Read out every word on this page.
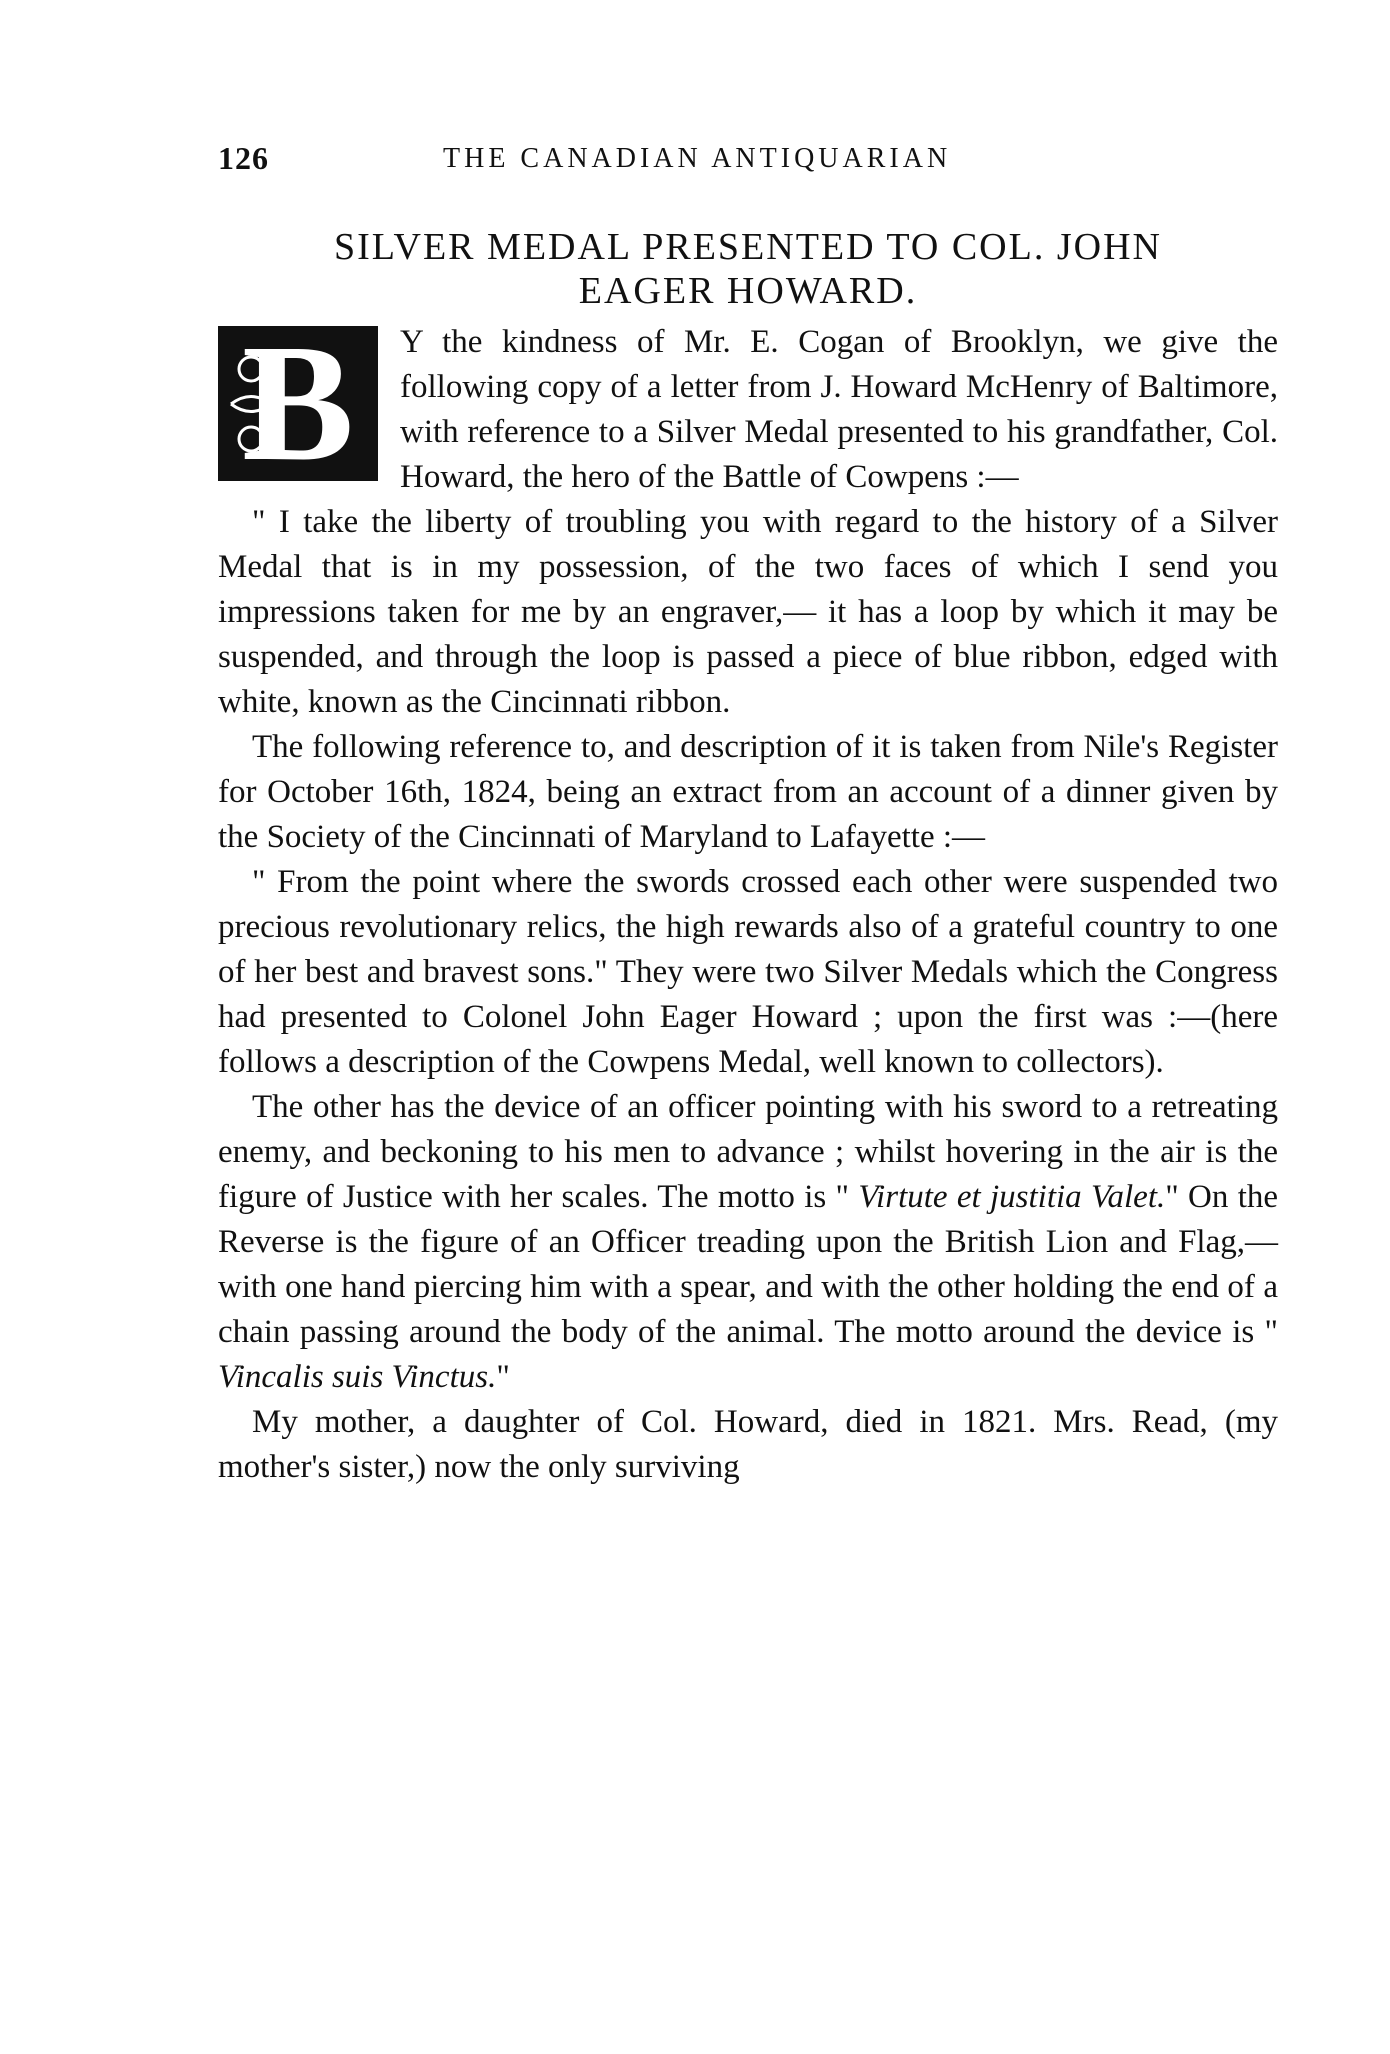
126	THE CANADIAN ANTIQUARIAN
SILVER MEDAL PRESENTED TO COL. JOHN
EAGER HOWARD.

B	Y the kindness of Mr. E. Cogan of Brooklyn, we give the following copy of a letter from J. Howard McHenry of Baltimore, with reference to a Silver Medal presented to his grandfather, Col. Howard, the hero of the Battle of Cowpens :—

" I take the liberty of troubling you with regard to the history of a Silver Medal that is in my possession, of the two faces of which I send you impressions taken for me by an engraver,— it has a loop by which it may be suspended, and through the loop is passed a piece of blue ribbon, edged with white, known as the Cincinnati ribbon.

The following reference to, and description of it is taken from Nile's Register for October 16th, 1824, being an extract from an account of a dinner given by the Society of the Cincinnati of Maryland to Lafayette :—

" From the point where the swords crossed each other were suspended two precious revolutionary relics, the high rewards also of a grateful country to one of her best and bravest sons." They were two Silver Medals which the Congress had presented to Colonel John Eager Howard ; upon the first was :—(here follows a description of the Cowpens Medal, well known to collectors).

The other has the device of an officer pointing with his sword to a retreating enemy, and beckoning to his men to advance ; whilst hovering in the air is the figure of Justice with her scales. The motto is " Virtute et justitia Valet." On the Reverse is the figure of an Officer treading upon the British Lion and Flag,—with one hand piercing him with a spear, and with the other holding the end of a chain passing around the body of the animal. The motto around the device is " Vincalis suis Vinctus."

My mother, a daughter of Col. Howard, died in 1821. Mrs. Read, (my mother's sister,) now the only surviving
